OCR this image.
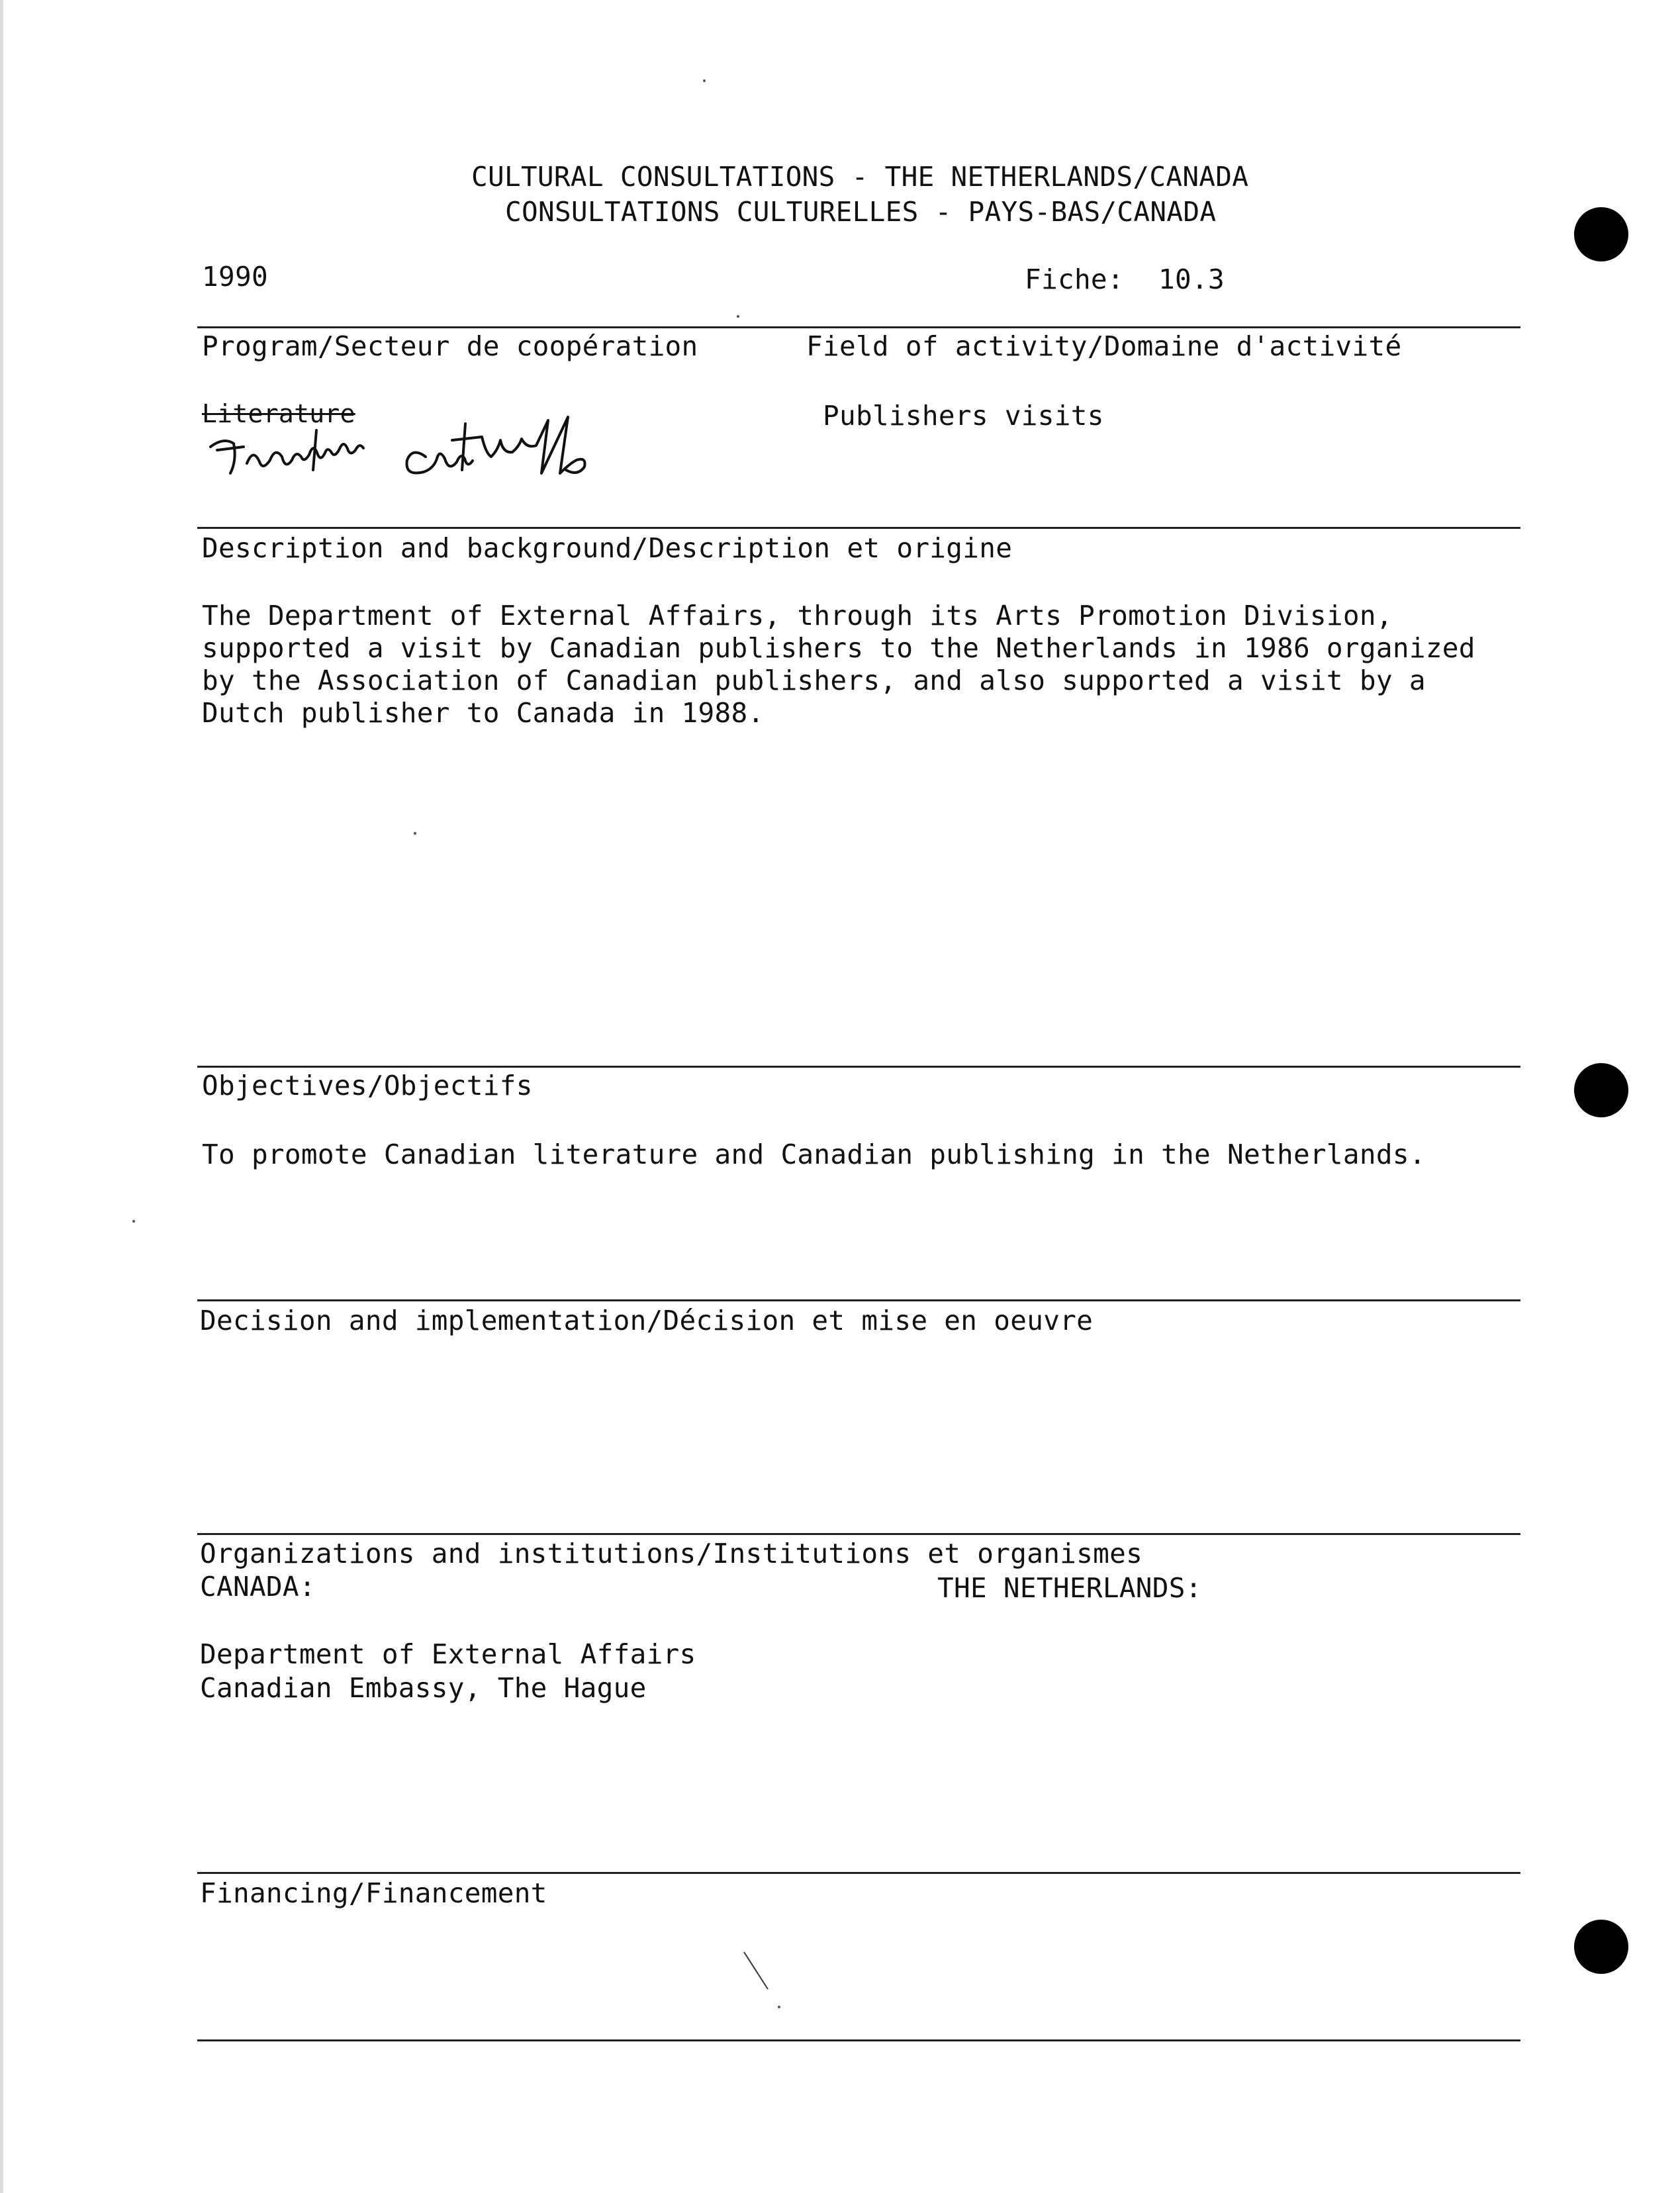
CULTURAL CONSULTATIONS - THE NETHERLANDS/CANADA
CONSULTATIONS CULTURELLES - PAYS-BAS/CANADA
1990	Fiche: 10.3
Program/Secteur de coopération	Field of activity/Domaine d'activité
Literature	Publishers visits
Description and background/Description et origine
The Department of External Affairs, through its Arts Promotion Division,
supported a visit by Canadian publishers to the Netherlands in 1986 organized
by the Association of Canadian publishers, and also supported a visit by a
Dutch publisher to Canada in 1988.
Objectives/Objectifs
To promote Canadian literature and Canadian publishing in the Netherlands.
Decision and implementation/Décision et mise en oeuvre
Organizations and institutions/Institutions et organismes
CANADA:	THE NETHERLANDS:
Department of External Affairs
Canadian Embassy, The Hague
Financing/Financement
